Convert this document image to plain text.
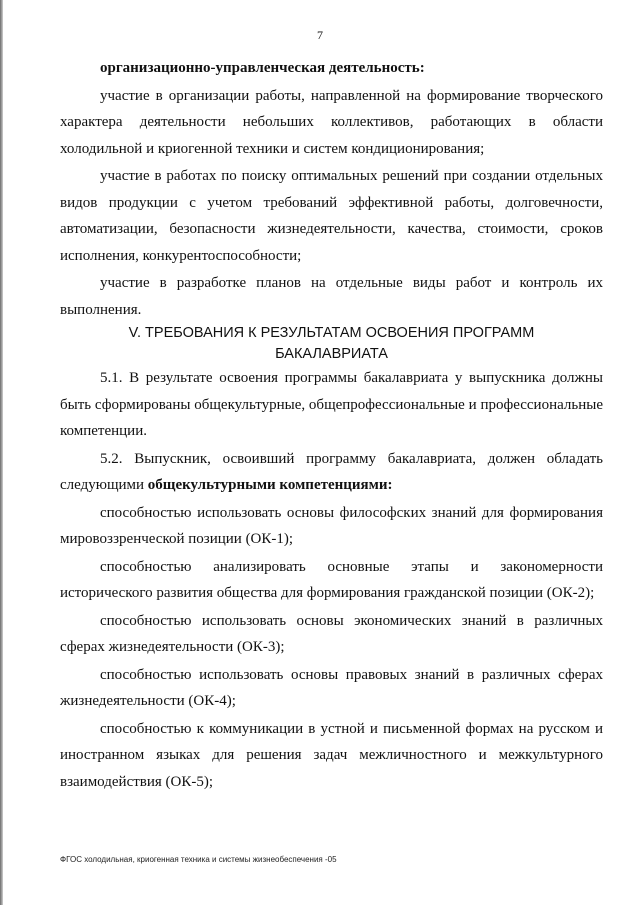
7

организационно-управленческая деятельность:

участие в организации работы, направленной на формирование творческого характера деятельности небольших коллективов, работающих в области холодильной и криогенной техники и систем кондиционирования;

участие в работах по поиску оптимальных решений при создании отдельных видов продукции с учетом требований эффективной работы, долговечности, автоматизации, безопасности жизнедеятельности, качества, стоимости, сроков исполнения, конкурентоспособности;

участие в разработке планов на отдельные виды работ и контроль их выполнения.

V. ТРЕБОВАНИЯ К РЕЗУЛЬТАТАМ ОСВОЕНИЯ ПРОГРАММ
БАКАЛАВРИАТА

5.1. В результате освоения программы бакалавриата у выпускника должны быть сформированы общекультурные, общепрофессиональные и профессиональные компетенции.

5.2. Выпускник, освоивший программу бакалавриата, должен обладать следующими общекультурными компетенциями:

способностью использовать основы философских знаний для формирования мировоззренческой позиции (ОК-1);

способностью анализировать основные этапы и закономерности исторического развития общества для формирования гражданской позиции (ОК-2);

способностью использовать основы экономических знаний в различных сферах жизнедеятельности (ОК-3);

способностью использовать основы правовых знаний в различных сферах жизнедеятельности (ОК-4);

способностью к коммуникации в устной и письменной формах на русском и иностранном языках для решения задач межличностного и межкультурного взаимодействия (ОК-5);

ФГОС холодильная, криогенная техника и системы жизнеобеспечения -05
